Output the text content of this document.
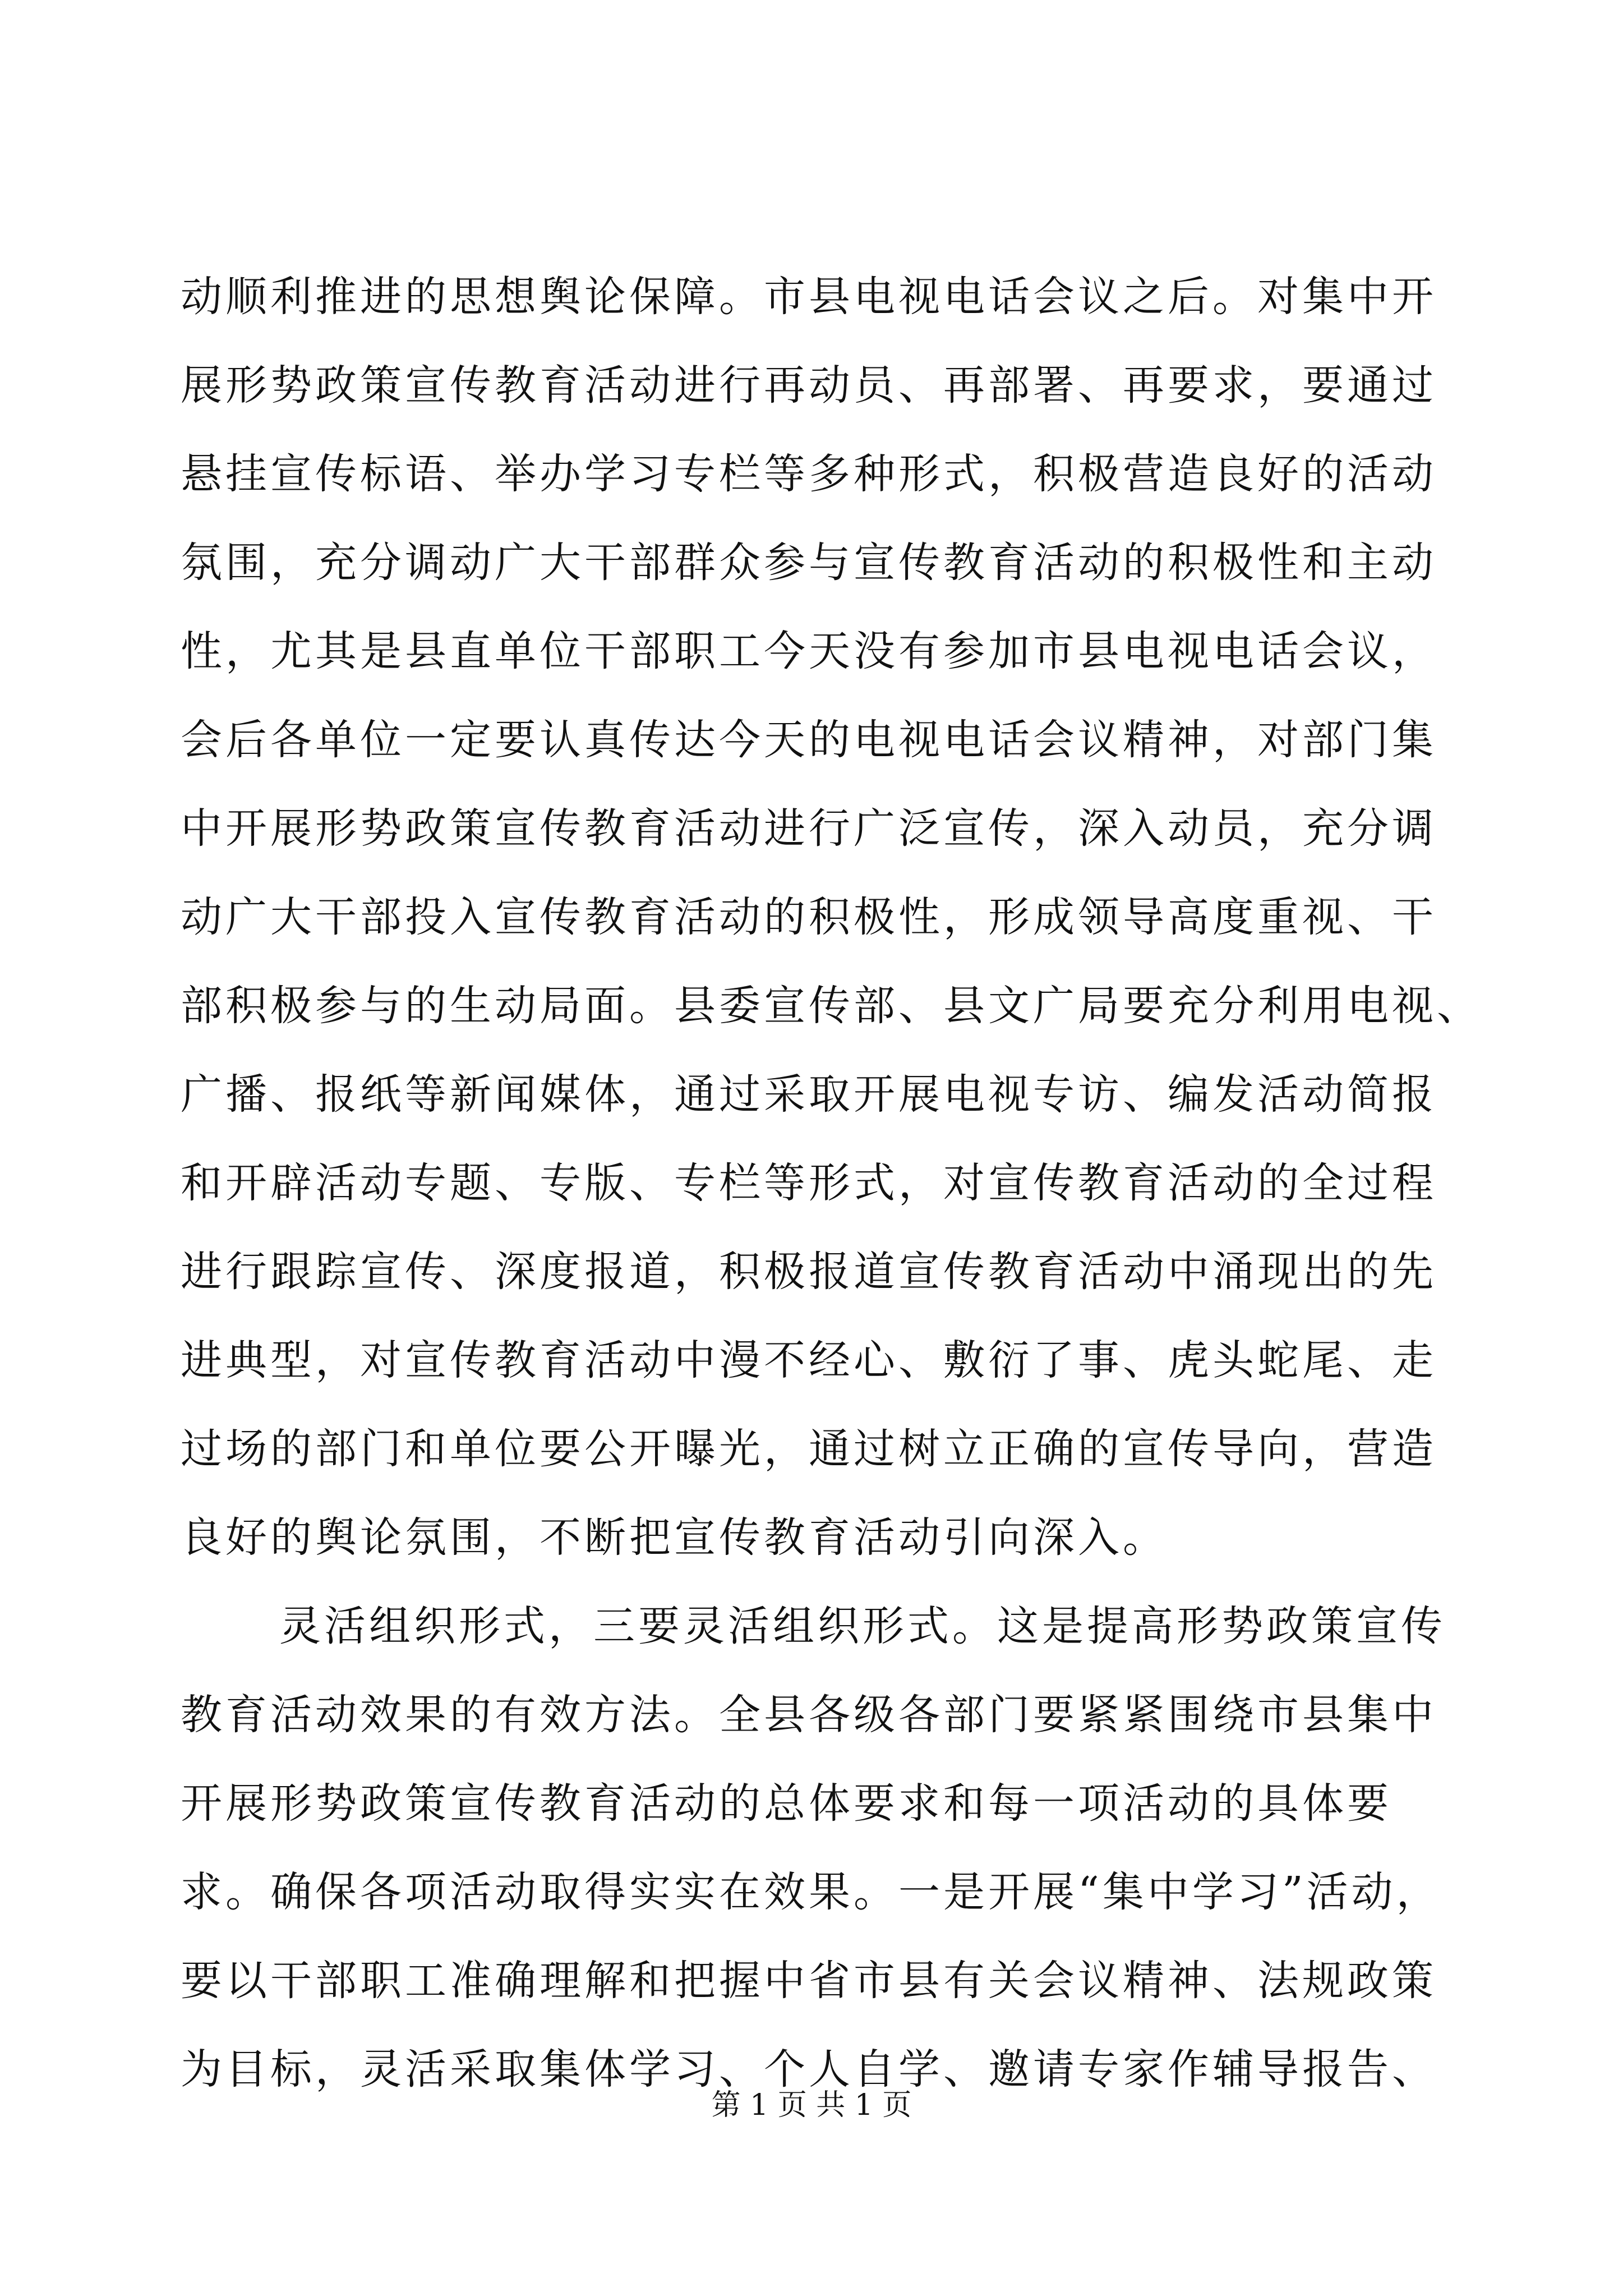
动顺利推进的思想舆论保障。市县电视电话会议之后。对集中开
展形势政策宣传教育活动进行再动员、再部署、再要求，要通过
悬挂宣传标语、举办学习专栏等多种形式，积极营造良好的活动
氛围，充分调动广大干部群众参与宣传教育活动的积极性和主动
性，尤其是县直单位干部职工今天没有参加市县电视电话会议，
会后各单位一定要认真传达今天的电视电话会议精神，对部门集
中开展形势政策宣传教育活动进行广泛宣传，深入动员，充分调
动广大干部投入宣传教育活动的积极性，形成领导高度重视、干
部积极参与的生动局面。县委宣传部、县文广局要充分利用电视、
广播、报纸等新闻媒体，通过采取开展电视专访、编发活动简报
和开辟活动专题、专版、专栏等形式，对宣传教育活动的全过程
进行跟踪宣传、深度报道，积极报道宣传教育活动中涌现出的先
进典型，对宣传教育活动中漫不经心、敷衍了事、虎头蛇尾、走
过场的部门和单位要公开曝光，通过树立正确的宣传导向，营造
良好的舆论氛围，不断把宣传教育活动引向深入。
灵活组织形式，三要灵活组织形式。这是提高形势政策宣传
教育活动效果的有效方法。全县各级各部门要紧紧围绕市县集中
开展形势政策宣传教育活动的总体要求和每一项活动的具体要
求。确保各项活动取得实实在效果。一是开展“集中学习”活动，
要以干部职工准确理解和把握中省市县有关会议精神、法规政策
为目标，灵活采取集体学习、个人自学、邀请专家作辅导报告、
第 1 页 共 1 页
